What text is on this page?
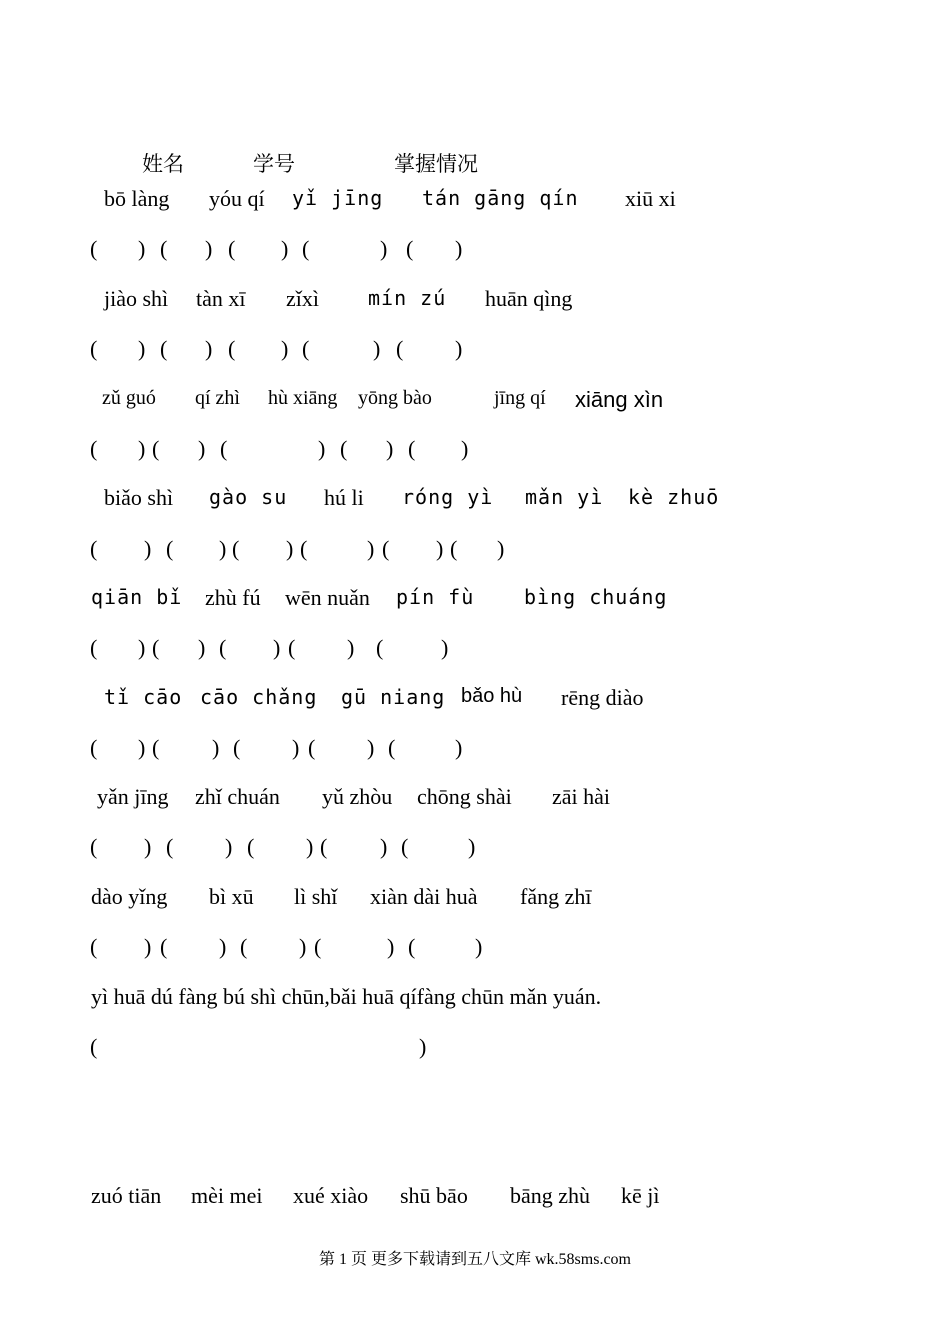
姓名	学号	掌握情况
bō làng yóu qí yǐ jīng tán gāng qín xiū xi
( ) ( ) ( ) (	) ( )
jiào shì tàn xī zǐxì mín zú huān qìng
( ) ( ) ( ) (	) ( )
zǔ guó qí zhì hù xiāng yōng bào	jīng qí xiāng xìn
( ) ( ) (	) ( ) ( )
biǎo shì gào su hú li róng yì mǎn yì kè zhuō
( ) ( ) ( ) (	) ( ) ( )
qiān bǐ zhù fú wēn nuǎn pín fù bìng chuáng
( ) ( ) ( ) ( ) (	)
tǐ cāo cāo chǎng gū niang bǎo hù rēng diào
( ) ( ) ( ) ( ) (	)
yǎn jīng zhǐ chuán yǔ zhòu chōng shài zāi hài
( ) ( ) ( ) ( ) (	)
dào yǐng bì xū lì shǐ xiàn dài huà fǎng zhī
( ) ( ) ( ) (	) (	)
yì huā dú fàng bú shì chūn,bǎi huā qífàng chūn mǎn yuán.
(	)
zuó tiān mèi mei xué xiào shū bāo bāng zhù kē jì
第 1 页 更多下载请到五八文库 wk.58sms.com
